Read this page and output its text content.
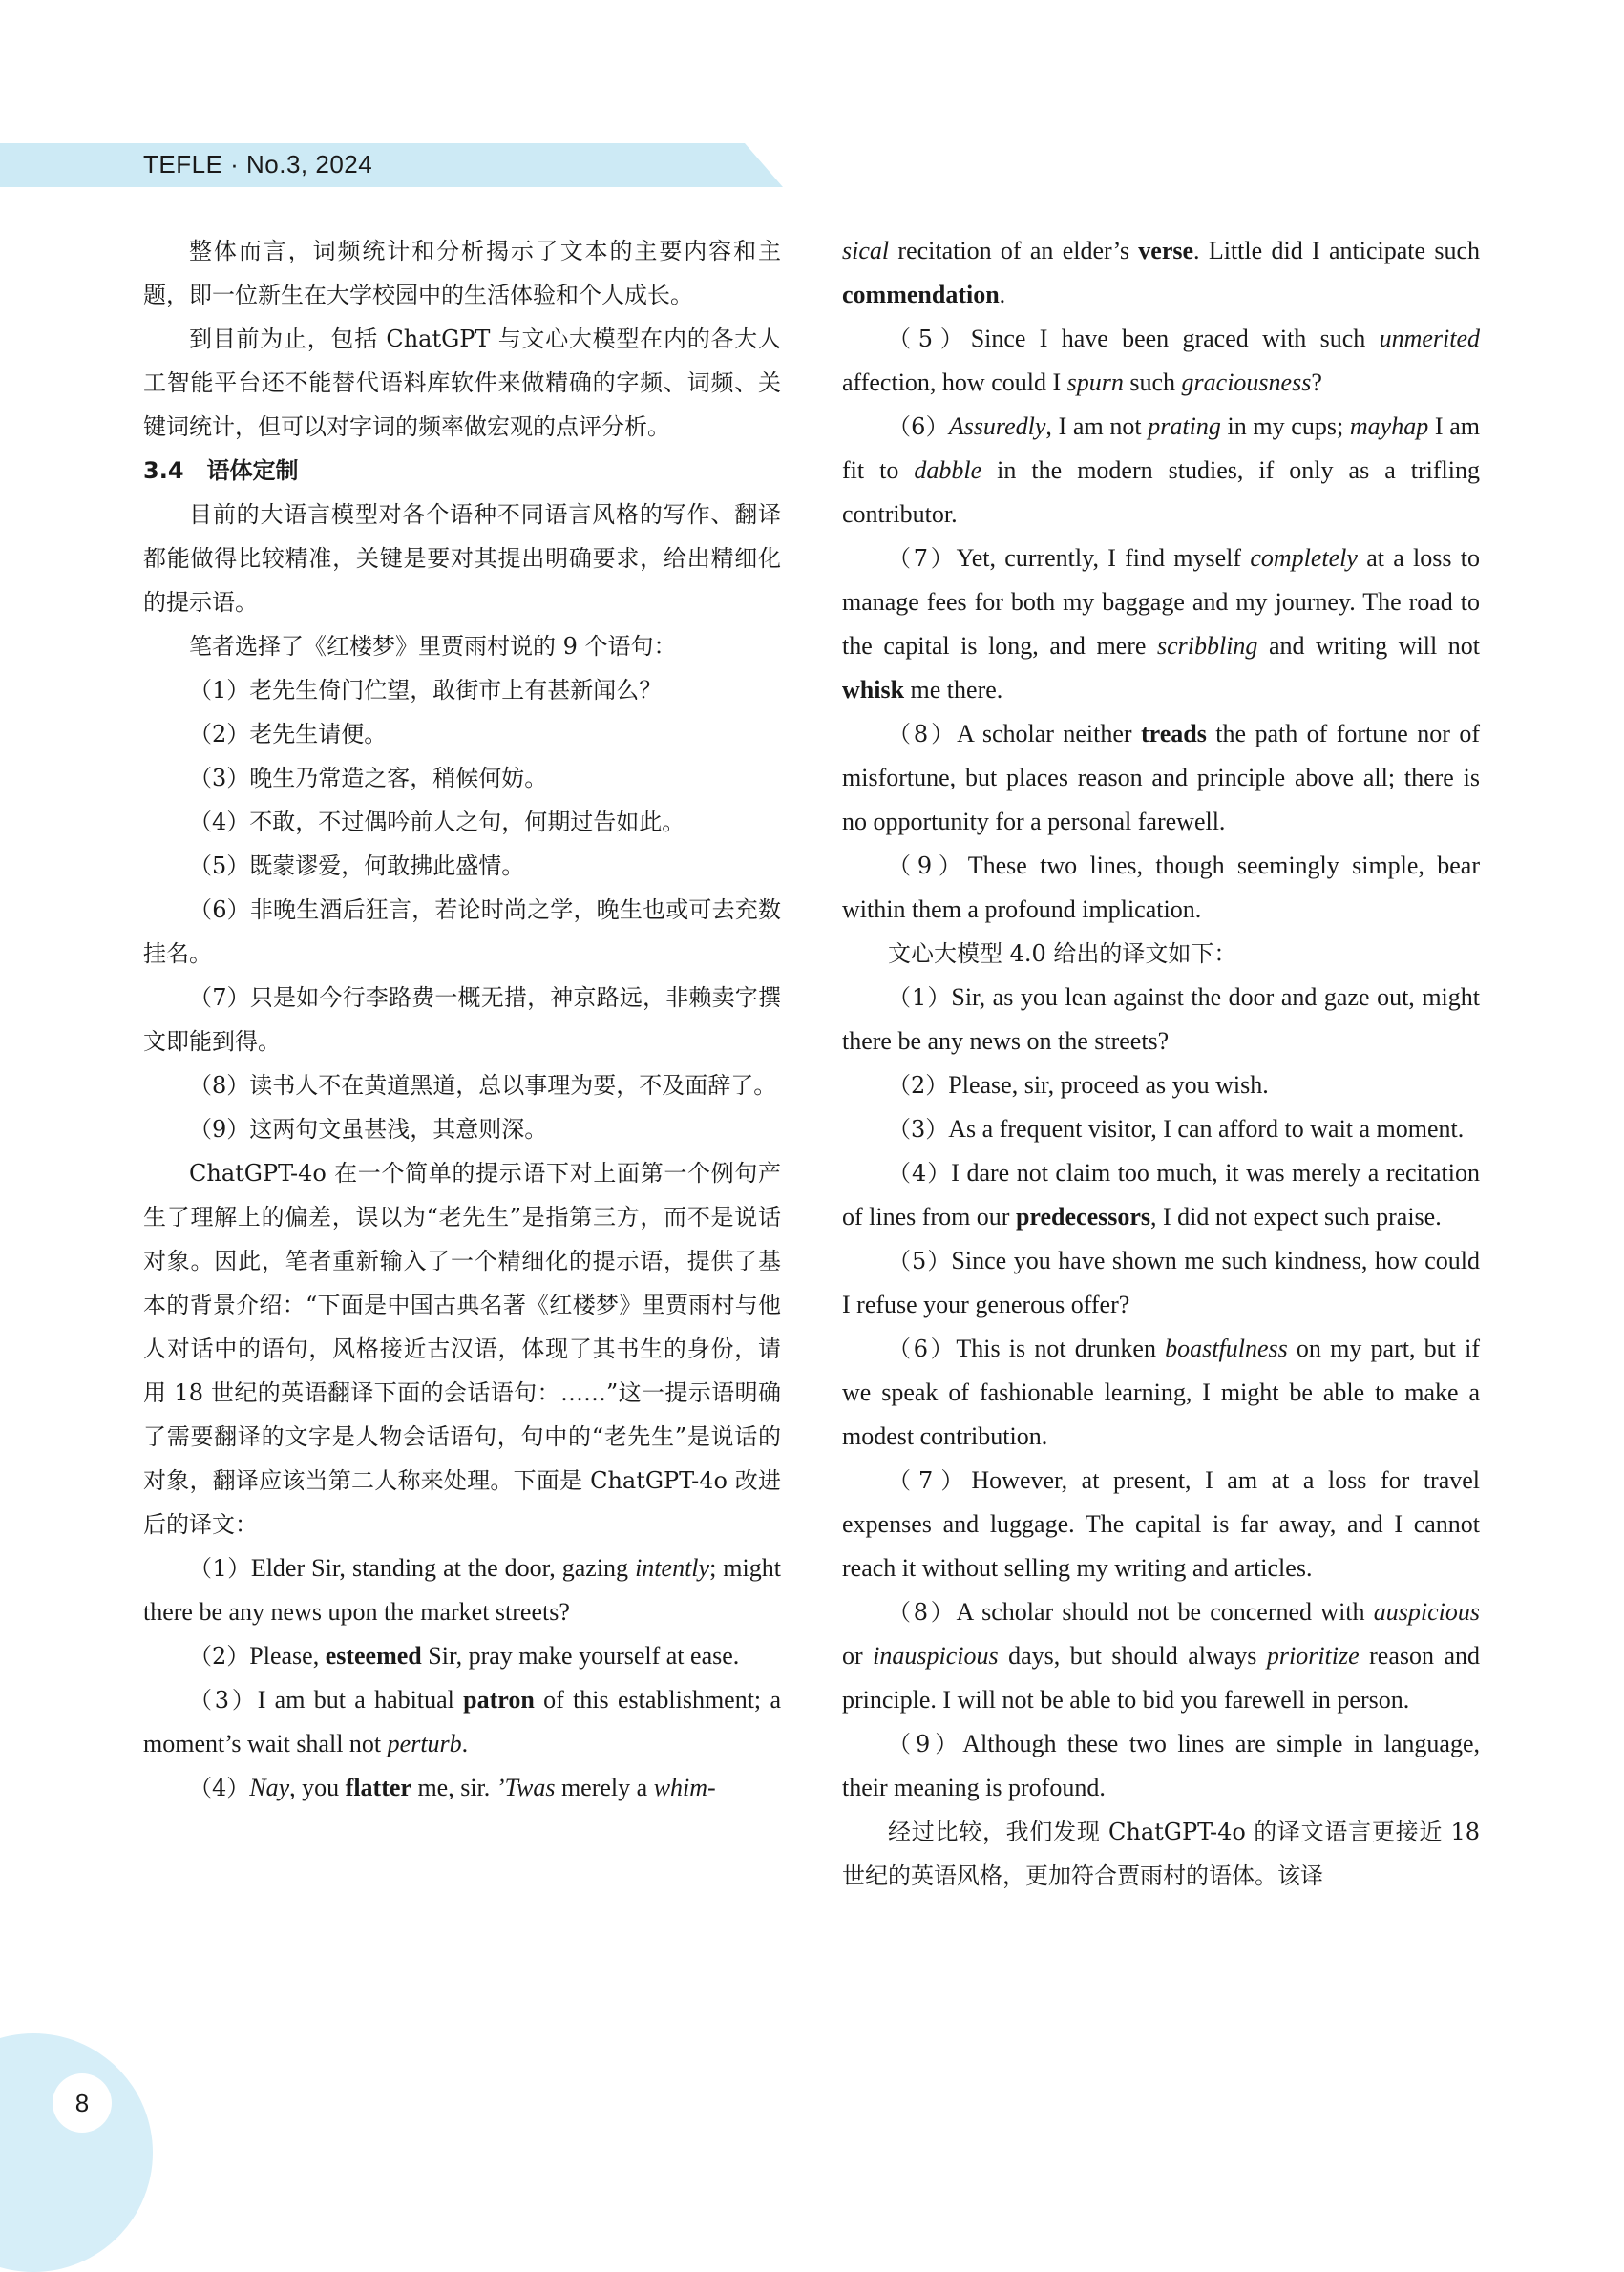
TEFLE · No.3, 2024

整体而言，词频统计和分析揭示了文本的主要内容和主题，即一位新生在大学校园中的生活体验和个人成长。

到目前为止，包括 ChatGPT 与文心大模型在内的各大人工智能平台还不能替代语料库软件来做精确的字频、词频、关键词统计，但可以对字词的频率做宏观的点评分析。

3.4　语体定制

目前的大语言模型对各个语种不同语言风格的写作、翻译都能做得比较精准，关键是要对其提出明确要求，给出精细化的提示语。

笔者选择了《红楼梦》里贾雨村说的 9 个语句：

（1）老先生倚门伫望，敢街市上有甚新闻么？

（2）老先生请便。

（3）晚生乃常造之客，稍候何妨。

（4）不敢，不过偶吟前人之句，何期过告如此。

（5）既蒙谬爱，何敢拂此盛情。

（6）非晚生酒后狂言，若论时尚之学，晚生也或可去充数挂名。

（7）只是如今行李路费一概无措，神京路远，非赖卖字撰文即能到得。

（8）读书人不在黄道黑道，总以事理为要，不及面辞了。

（9）这两句文虽甚浅，其意则深。

ChatGPT-4o 在一个简单的提示语下对上面第一个例句产生了理解上的偏差，误以为“老先生”是指第三方，而不是说话对象。因此，笔者重新输入了一个精细化的提示语，提供了基本的背景介绍：“下面是中国古典名著《红楼梦》里贾雨村与他人对话中的语句，风格接近古汉语，体现了其书生的身份，请用 18 世纪的英语翻译下面的会话语句：……”这一提示语明确了需要翻译的文字是人物会话语句，句中的“老先生”是说话的对象，翻译应该当第二人称来处理。下面是 ChatGPT-4o 改进后的译文：

（1）Elder Sir, standing at the door, gazing intently; might there be any news upon the market streets?

（2）Please, esteemed Sir, pray make yourself at ease.

（3）I am but a habitual patron of this establishment; a moment’s wait shall not perturb.

（4）Nay, you flatter me, sir. ’Twas merely a whim-

sical recitation of an elder’s verse. Little did I anticipate such commendation.

（5）Since I have been graced with such unmerited affection, how could I spurn such graciousness?

（6）Assuredly, I am not prating in my cups; mayhap I am fit to dabble in the modern studies, if only as a trifling contributor.

（7）Yet, currently, I find myself completely at a loss to manage fees for both my baggage and my journey. The road to the capital is long, and mere scribbling and writing will not whisk me there.

（8）A scholar neither treads the path of fortune nor of misfortune, but places reason and principle above all; there is no opportunity for a personal farewell.

（9）These two lines, though seemingly simple, bear within them a profound implication.

文心大模型 4.0 给出的译文如下：

（1）Sir, as you lean against the door and gaze out, might there be any news on the streets?

（2）Please, sir, proceed as you wish.

（3）As a frequent visitor, I can afford to wait a moment.

（4）I dare not claim too much, it was merely a recitation of lines from our predecessors, I did not expect such praise.

（5）Since you have shown me such kindness, how could I refuse your generous offer?

（6）This is not drunken boastfulness on my part, but if we speak of fashionable learning, I might be able to make a modest contribution.

（7）However, at present, I am at a loss for travel expenses and luggage. The capital is far away, and I cannot reach it without selling my writing and articles.

（8）A scholar should not be concerned with auspicious or inauspicious days, but should always prioritize reason and principle. I will not be able to bid you farewell in person.

（9）Although these two lines are simple in language, their meaning is profound.

经过比较，我们发现 ChatGPT-4o 的译文语言更接近 18 世纪的英语风格，更加符合贾雨村的语体。该译

8
